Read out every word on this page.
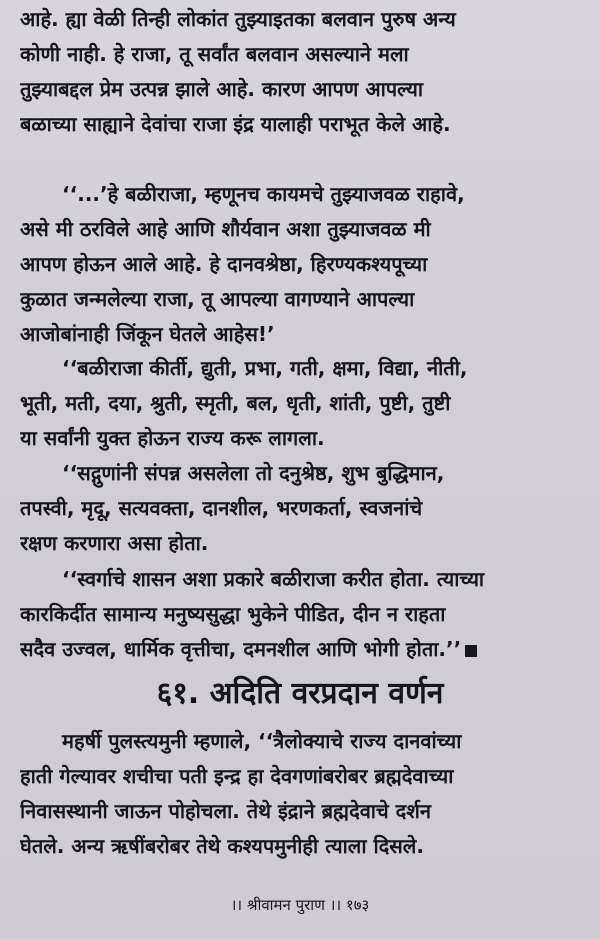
आहे. ह्या वेळी तिन्ही लोकांत तुझ्याइतका बलवान पुरुष अन्य
कोणी नाही. हे राजा, तू सर्वांत बलवान असल्याने मला
तुझ्याबद्दल प्रेम उत्पन्न झाले आहे. कारण आपण आपल्या
बळाच्या साह्याने देवांचा राजा इंद्र यालाही पराभूत केले आहे.

‘‘...’हे बळीराजा, म्हणूनच कायमचे तुझ्याजवळ राहावे,
असे मी ठरविले आहे आणि शौर्यवान अशा तुझ्याजवळ मी
आपण होऊन आले आहे. हे दानवश्रेष्ठा, हिरण्यकश्यपूच्या
कुळात जन्मलेल्या राजा, तू आपल्या वागण्याने आपल्या
आजोबांनाही जिंकून घेतले आहेस!’

‘‘बळीराजा कीर्ती, द्युती, प्रभा, गती, क्षमा, विद्या, नीती,
भूती, मती, दया, श्रुती, स्मृती, बल, धृती, शांती, पुष्टी, तुष्टी
या सर्वांनी युक्त होऊन राज्य करू लागला.

‘‘सद्गुणांनी संपन्न असलेला तो दनुश्रेष्ठ, शुभ बुद्धिमान,
तपस्वी, मृदू, सत्यवक्ता, दानशील, भरणकर्ता, स्वजनांचे
रक्षण करणारा असा होता.

‘‘स्वर्गाचे शासन अशा प्रकारे बळीराजा करीत होता. त्याच्या
कारकिर्दीत सामान्य मनुष्यसुद्धा भुकेने पीडित, दीन न राहता
सदैव उज्वल, धार्मिक वृत्तीचा, दमनशील आणि भोगी होता.’’

६१. अदिति वरप्रदान वर्णन

महर्षी पुलस्त्यमुनी म्हणाले, ‘‘त्रैलोक्याचे राज्य दानवांच्या
हाती गेल्यावर शचीचा पती इन्द्र हा देवगणांबरोबर ब्रह्मदेवाच्या
निवासस्थानी जाऊन पोहोचला. तेथे इंद्राने ब्रह्मदेवाचे दर्शन
घेतले. अन्य ऋषींबरोबर तेथे कश्यपमुनीही त्याला दिसले.

।। श्रीवामन पुराण ।। १७३
